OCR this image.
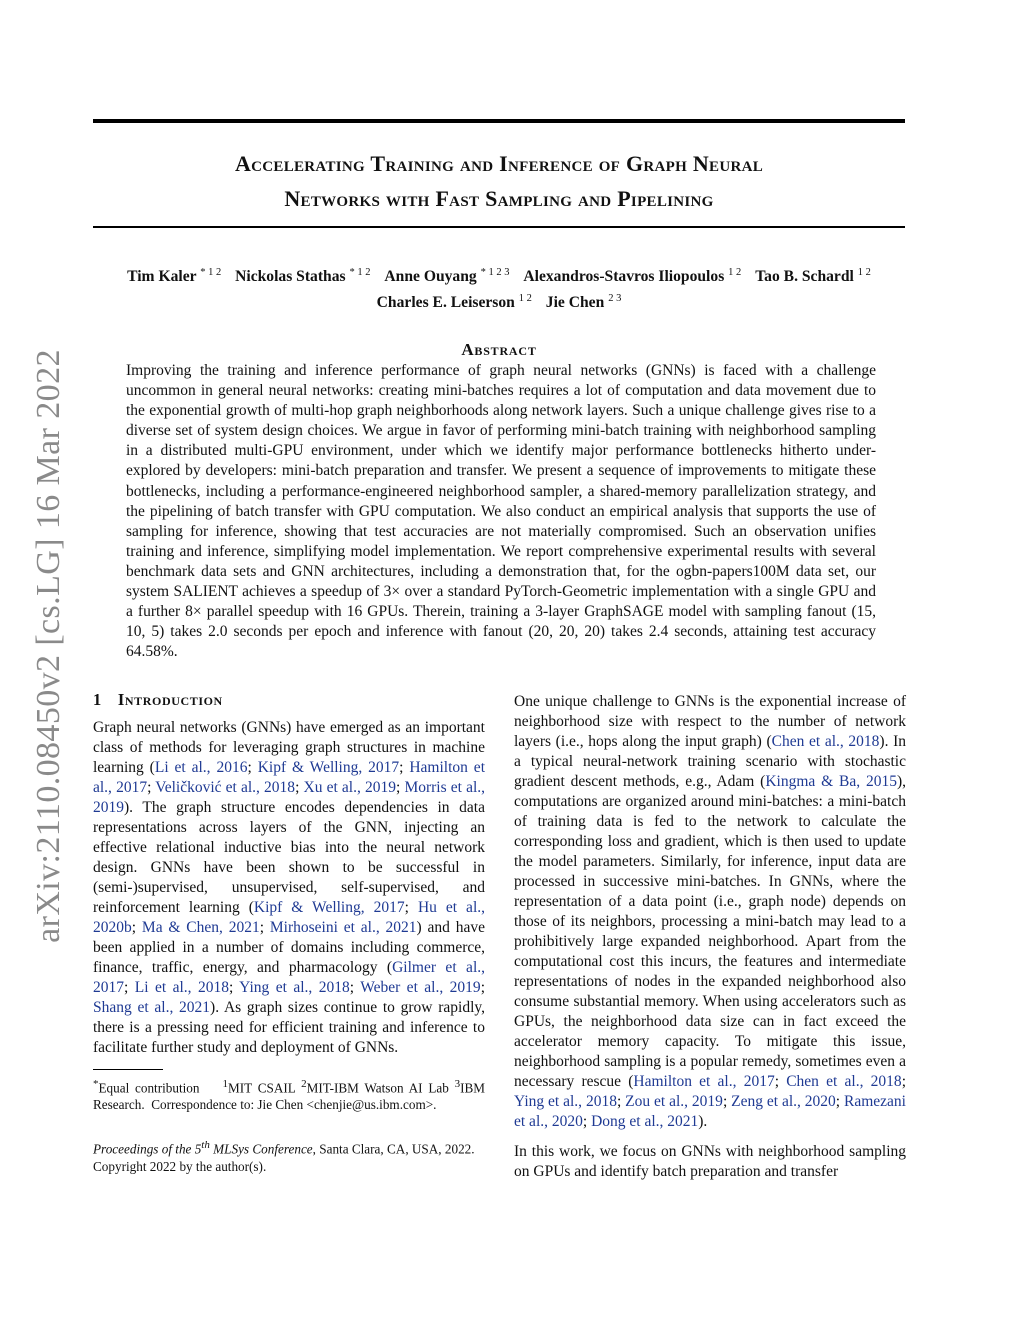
Accelerating Training and Inference of Graph Neural
Networks with Fast Sampling and Pipelining
Tim Kaler $^{* 1 2}$ Nickolas Stathas $^{* 1 2}$ Anne Ouyang $^{* 1 2 3}$ Alexandros-Stavros Iliopoulos $^{1 2}$ Tao B. Schardl $^{1 2}$
Charles E. Leiserson $^{1 2}$ Jie Chen $^{2 3}$
arXiv:2110.08450v2 [cs.LG] 16 Mar 2022	Abstract

Improving the training and inference performance of graph neural networks (GNNs) is faced with a challenge uncommon in general neural networks: creating mini-batches requires a lot of computation and data movement due to the exponential growth of multi-hop graph neighborhoods along network layers. Such a unique challenge gives rise to a diverse set of system design choices. We argue in favor of performing mini-batch training with neighborhood sampling in a distributed multi-GPU environment, under which we identify major performance bottlenecks hitherto under-explored by developers: mini-batch preparation and transfer. We present a sequence of improvements to mitigate these bottlenecks, including a performance-engineered neighborhood sampler, a shared-memory parallelization strategy, and the pipelining of batch transfer with GPU computation. We also conduct an empirical analysis that supports the use of sampling for inference, showing that test accuracies are not materially compromised. Such an observation unifies training and inference, simplifying model implementation. We report comprehensive experimental results with several benchmark data sets and GNN architectures, including a demonstration that, for the ogbn-papers100M data set, our system SALIENT achieves a speedup of 3× over a standard PyTorch-Geometric implementation with a single GPU and a further 8× parallel speedup with 16 GPUs. Therein, training a 3-layer GraphSAGE model with sampling fanout (15, 10, 5) takes 2.0 seconds per epoch and inference with fanout (20, 20, 20) takes 2.4 seconds, attaining test accuracy 64.58%.

1 Introduction

Graph neural networks (GNNs) have emerged as an important class of methods for leveraging graph structures in machine learning (Li et al., 2016; Kipf & Welling, 2017; Hamilton et al., 2017; Veličković et al., 2018; Xu et al., 2019; Morris et al., 2019). The graph structure encodes dependencies in data representations across layers of the GNN, injecting an effective relational inductive bias into the neural network design. GNNs have been shown to be successful in (semi-)supervised, unsupervised, self-supervised, and reinforcement learning (Kipf & Welling, 2017; Hu et al., 2020b; Ma & Chen, 2021; Mirhoseini et al., 2021) and have been applied in a number of domains including commerce, finance, traffic, energy, and pharmacology (Gilmer et al., 2017; Li et al., 2018; Ying et al., 2018; Weber et al., 2019; Shang et al., 2021). As graph sizes continue to grow rapidly, there is a pressing need for efficient training and inference to facilitate further study and deployment of GNNs.

*Equal contribution $^1$MIT CSAIL $^2$MIT-IBM Watson AI Lab $^3$IBM Research. Correspondence to: Jie Chen <chenjie@us.ibm.com>.

Proceedings of the 5th MLSys Conference, Santa Clara, CA, USA, 2022. Copyright 2022 by the author(s).

One unique challenge to GNNs is the exponential increase of neighborhood size with respect to the number of network layers (i.e., hops along the input graph) (Chen et al., 2018). In a typical neural-network training scenario with stochastic gradient descent methods, e.g., Adam (Kingma & Ba, 2015), computations are organized around mini-batches: a mini-batch of training data is fed to the network to calculate the corresponding loss and gradient, which is then used to update the model parameters. Similarly, for inference, input data are processed in successive mini-batches. In GNNs, where the representation of a data point (i.e., graph node) depends on those of its neighbors, processing a mini-batch may lead to a prohibitively large expanded neighborhood. Apart from the computational cost this incurs, the features and intermediate representations of nodes in the expanded neighborhood also consume substantial memory. When using accelerators such as GPUs, the neighborhood data size can in fact exceed the accelerator memory capacity. To mitigate this issue, neighborhood sampling is a popular remedy, sometimes even a necessary rescue (Hamilton et al., 2017; Chen et al., 2018; Ying et al., 2018; Zou et al., 2019; Zeng et al., 2020; Ramezani et al., 2020; Dong et al., 2021).

In this work, we focus on GNNs with neighborhood sampling on GPUs and identify batch preparation and transfer
